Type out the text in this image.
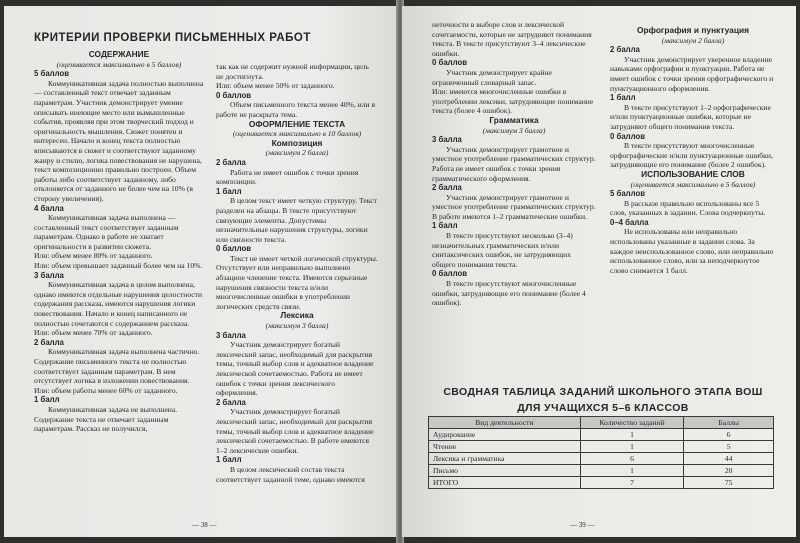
КРИТЕРИИ ПРОВЕРКИ ПИСЬМЕННЫХ РАБОТ

СОДЕРЖАНИЕ

(оценивается максимально в 5 баллов)

5 баллов

Коммуникативная задача полностью выполнена — составленный текст отвечает заданным параметрам. Участник демонстрирует умение описывать инеющие место или вымышленные события, проявляя при этом творческий подход и оригинальность мышления. Сюжет понятен и интересен. Начало и конец текста полностью вписываются в сюжет и соответствуют заданному жанру и стилю, логика повествования не нарушена, текст композиционно правильно построен. Объем работы либо соответствует заданному, либо отклоняется от заданного не более чем на 10% (в сторону увеличения).

4 балла

Коммуникативная задача выполнена — составленный текст соответствует заданным параметрам. Однако в работе не хватает оригинальности в развитии сюжета.

Или: объем менее 80% от заданного.

Или: объем превышает заданный более чем на 10%.

3 балла

Коммуникативная задача в целом выполнена, однако имеются отдельные нарушения целостности содержания рассказа, имеются нарушения логики повествования. Начало и конец написанного не полностью сочетаются с содержанием рассказа.

Или: объем менее 70% от заданного.

2 балла

Коммуникативная задача выполнена частично. Содержание письменного текста не полностью соответствует заданным параметрам. В нем отсутствует логика в изложении повествования.

Или: объем работы менее 60% от заданного.

1 балл

Коммуникативная задача не выполнена. Содержание текста не отвечает заданным параметрам. Рассказ не получился,

так как не содержит нужной информации, цель не достигнута.

Или: объем менее 50% от заданного.

0 баллов

Объем письменного текста менее 40%, или в работе не раскрыта тема.

ОФОРМЛЕНИЕ ТЕКСТА

(оценивается максимально в 10 баллов)

Композиция

(максимум 2 балла)

2 балла

Работа не имеет ошибок с точки зрения композиции.

1 балл

В целом текст имеет четкую структуру. Текст разделен на абзацы. В тексте присутствуют связующие элементы. Допустимы незначительные нарушения структуры, логики или связности текста.

0 баллов

Текст не имеет четкой логической структуры. Отсутствует или неправильно выполнено абзацное членение текста. Имеются серьезные нарушения связности текста и/или многочисленные ошибки в употреблении логических средств связи.

Лексика

(максимум 3 балла)

3 балла

Участник демонстрирует богатый лексический запас, необходимый для раскрытия темы, точный выбор слов и адекватное владение лексической сочетаемостью. Работа не имеет ошибок с точки зрения лексического оформления.

2 балла

Участник демонстрирует богатый лексический запас, необходимый для раскрытия темы, точный выбор слов и адекватное владение лексической сочетаемостью. В работе имеются 1–2 лексические ошибки.

1 балл

В целом лексический состав текста соответствует заданной теме, однако имеются

— 38 —

неточности в выборе слов и лексической сочетаемости, которые не затрудняют понимания текста. В тексте присутствуют 3–4 лексические ошибки.

0 баллов

Участник демонстрирует крайне ограниченный словарный запас.

Или: имеются многочисленные ошибки в употреблении лексики, затрудняющие понимание текста (более 4 ошибок).

Грамматика

(максимум 3 балла)

3 балла

Участник демонстрирует грамотное и уместное употребление грамматических структур. Работа не имеет ошибок с точки зрения грамматического оформления.

2 балла

Участник демонстрирует грамотное и уместное употребление грамматических структур. В работе имеются 1–2 грамматические ошибки.

1 балл

В тексте присутствуют несколько (3–4) незначительных грамматических и/или синтаксических ошибок, не затрудняющих общего понимания текста.

0 баллов

В тексте присутствуют многочисленные ошибки, затрудняющие его понимание (более 4 ошибок).

Орфография и пунктуация

(максимум 2 балла)

2 балла

Участник демонстрирует уверенное владение навыками орфографии и пунктуации. Работа не имеет ошибок с точки зрения орфографического и пунктуационного оформления.

1 балл

В тексте присутствуют 1–2 орфографические и/или пунктуационные ошибки, которые не затрудняют общего понимания текста.

0 баллов

В тексте присутствуют многочисленные орфографические и/или пунктуационные ошибки, затрудняющие его понимание (более 2 ошибок).

ИСПОЛЬЗОВАНИЕ СЛОВ

(оценивается максимально в 5 баллов)

5 баллов

В рассказе правильно использованы все 5 слов, указанных в задании. Слова подчеркнуты.

0–4 балла

Не использованы или неправильно использованы указанные в задании слова. За каждое неиспользованное слово, или неправильно использованное слово, или за неподчеркнутое слово снимается 1 балл.

СВОДНАЯ ТАБЛИЦА ЗАДАНИЙ ШКОЛЬНОГО ЭТАПА ВОШ
ДЛЯ УЧАЩИХСЯ 5–6 КЛАССОВ
Вид деятельности	Количество заданий	Баллы
Аудирование	1	6
Чтение	1	5
Лексика и грамматика	6	44
Письмо	1	20
ИТОГО	7	75
— 39 —
